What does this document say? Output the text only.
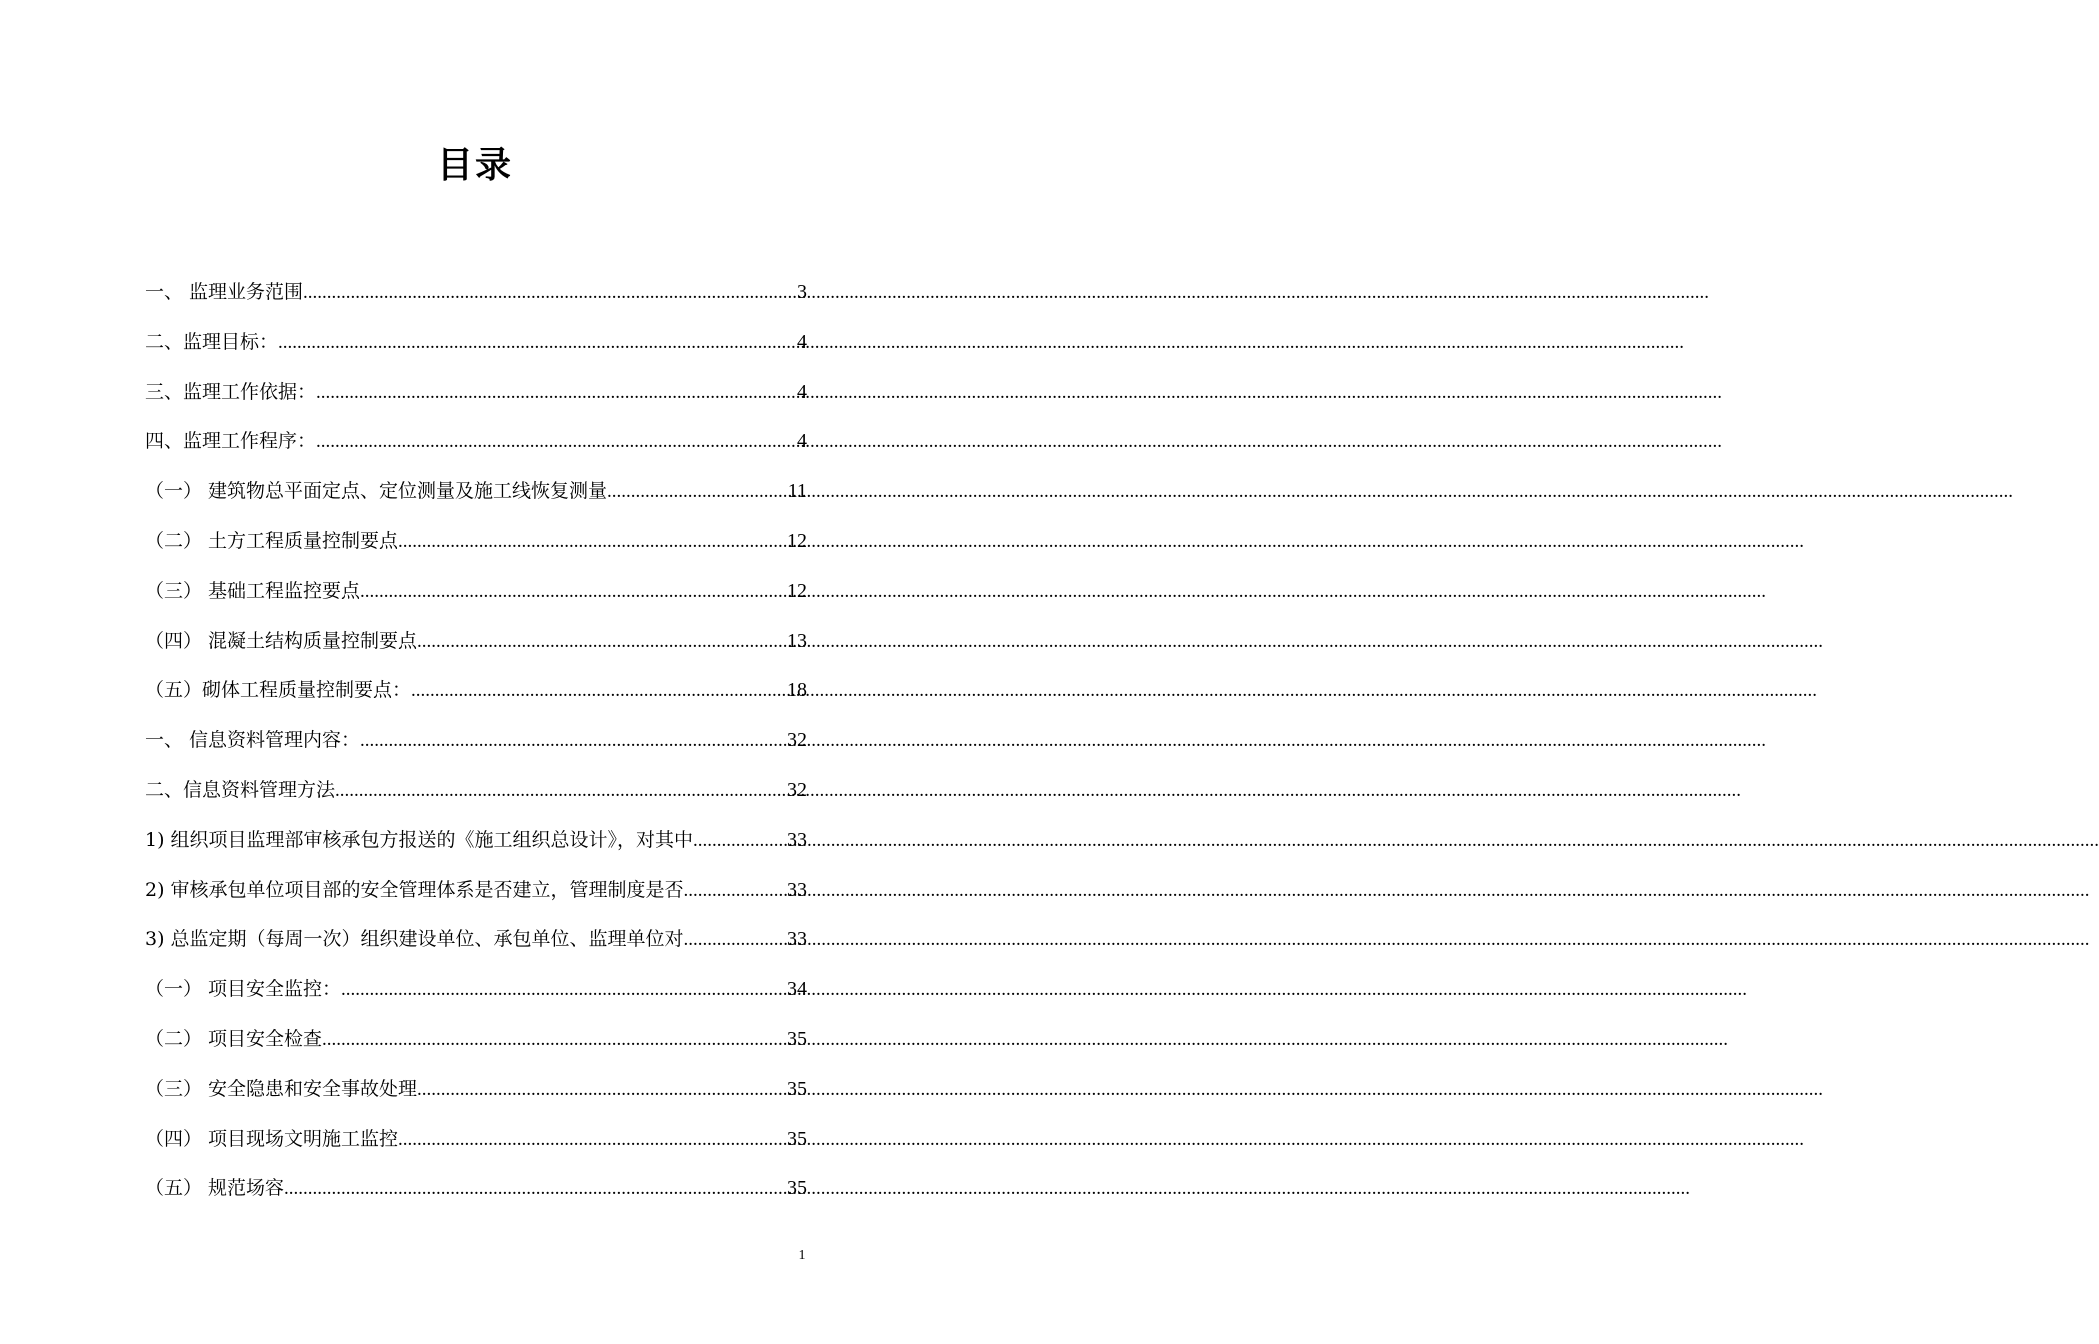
目录
一、 监理业务范围 .....	3
二、监理目标： .....	4
三、监理工作依据： .....	4
四、监理工作程序： .....	4
（一） 建筑物总平面定点、定位测量及施工线恢复测量 .....	11
（二） 土方工程质量控制要点 .....	12
（三） 基础工程监控要点 .....	12
（四） 混凝土结构质量控制要点 .....	13
（五）砌体工程质量控制要点： .....	18
一、 信息资料管理内容： .....	32
二、信息资料管理方法 .....	32
1) 组织项目监理部审核承包方报送的《施工组织总设计》，对其中 .....	33
2) 审核承包单位项目部的安全管理体系是否建立，管理制度是否 .....	33
3) 总监定期（每周一次）组织建设单位、承包单位、监理单位对 .....	33
（一） 项目安全监控： .....	34
（二） 项目安全检查 .....	35
（三） 安全隐患和安全事故处理 .....	35
（四） 项目现场文明施工监控 .....	35
（五） 规范场容 .....	35
1
